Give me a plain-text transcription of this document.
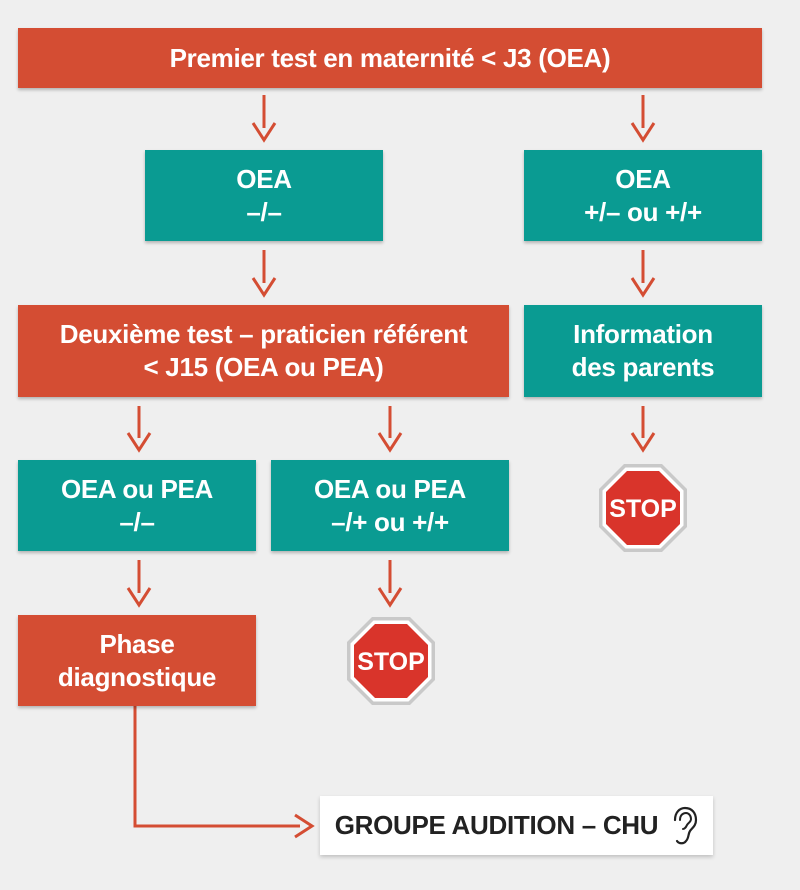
Premier test en maternité < J3 (OEA)
OEA
–/–
OEA
+/– ou +/+
Deuxième test – praticien référent
< J15 (OEA ou PEA)
Information
des parents
OEA ou PEA
–/–
OEA ou PEA
–/+ ou +/+
Phase
diagnostique
STOP
STOP
GROUPE AUDITION – CHU
